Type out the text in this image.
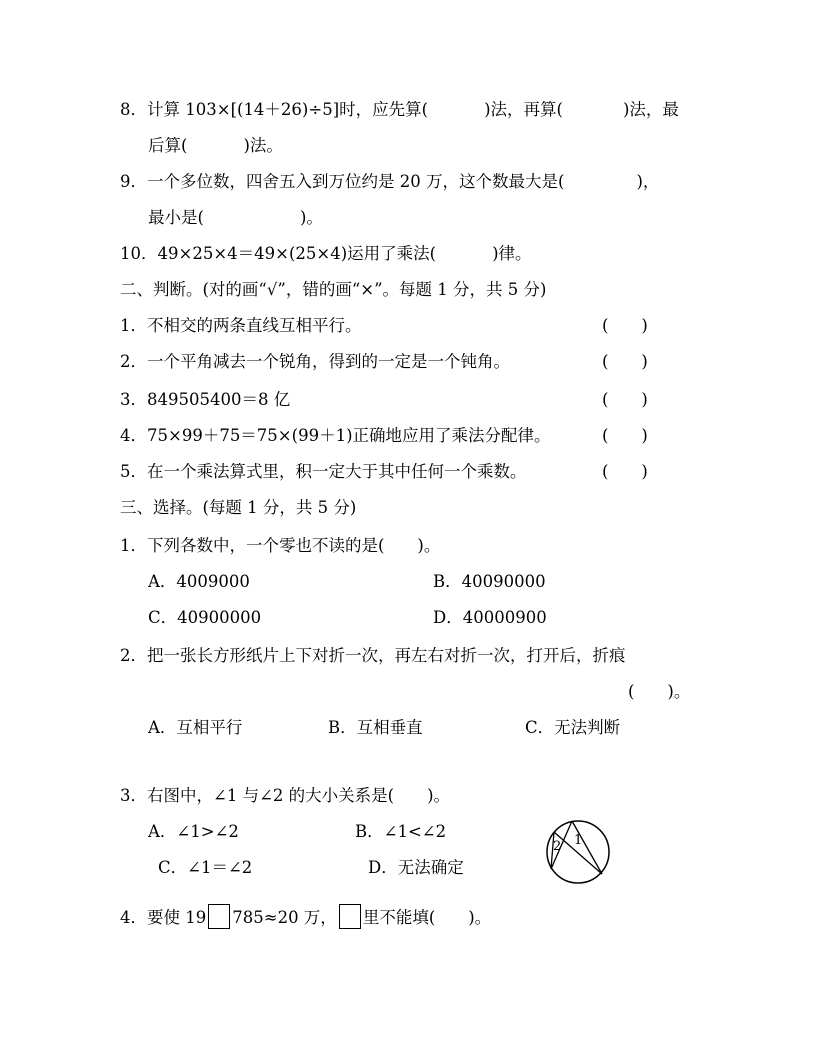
8．计算 103×[(14＋26)÷5]时，应先算(	)法，再算(	)法，最
后算(	)法。
9．一个多位数，四舍五入到万位约是 20 万，这个数最大是(	)，
最小是(	)。
10．49×25×4＝49×(25×4)运用了乘法(	)律。
二、判断。(对的画“√”，错的画“×”。每题 1 分，共 5 分)
1．不相交的两条直线互相平行。	(　　)
2．一个平角减去一个锐角，得到的一定是一个钝角。	(　　)
3．849505400＝8 亿	(　　)
4．75×99＋75＝75×(99＋1)正确地应用了乘法分配律。	(　　)
5．在一个乘法算式里，积一定大于其中任何一个乘数。	(　　)
三、选择。(每题 1 分，共 5 分)
1．下列各数中，一个零也不读的是(　　)。
A．4009000	B．40090000
C．40900000	D．40000900
2．把一张长方形纸片上下对折一次，再左右对折一次，打开后，折痕
(　　)。
A．互相平行	B．互相垂直	C．无法判断
3．右图中，∠1 与∠2 的大小关系是(　　)。
A．∠1>∠2	B．∠1<∠2
C．∠1＝∠2	D．无法确定
1
2
4．要使 19 785≈20 万， 里不能填(　　)。
